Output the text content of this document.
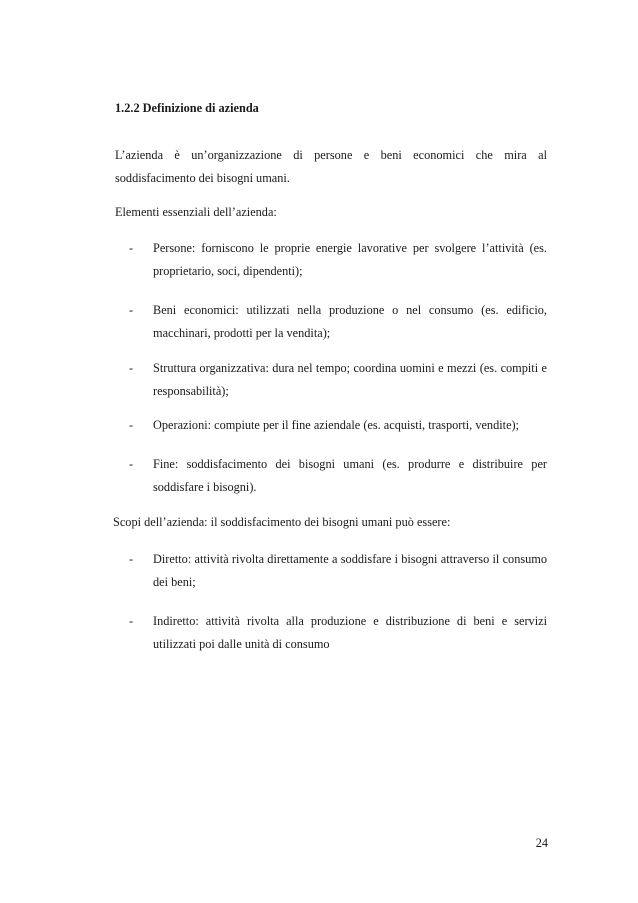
1.2.2 Definizione di azienda

L’azienda è un’organizzazione di persone e beni economici che mira al soddisfacimento dei bisogni umani.

Elementi essenziali dell’azienda:

- Persone: forniscono le proprie energie lavorative per svolgere l’attività (es. proprietario, soci, dipendenti);
- Beni economici: utilizzati nella produzione o nel consumo (es. edificio, macchinari, prodotti per la vendita);
- Struttura organizzativa: dura nel tempo; coordina uomini e mezzi (es. compiti e responsabilità);
- Operazioni: compiute per il fine aziendale (es. acquisti, trasporti, vendite);
- Fine: soddisfacimento dei bisogni umani (es. produrre e distribuire per soddisfare i bisogni).

Scopi dell’azienda: il soddisfacimento dei bisogni umani può essere:

- Diretto: attività rivolta direttamente a soddisfare i bisogni attraverso il consumo dei beni;
- Indiretto: attività rivolta alla produzione e distribuzione di beni e servizi utilizzati poi dalle unità di consumo
24
